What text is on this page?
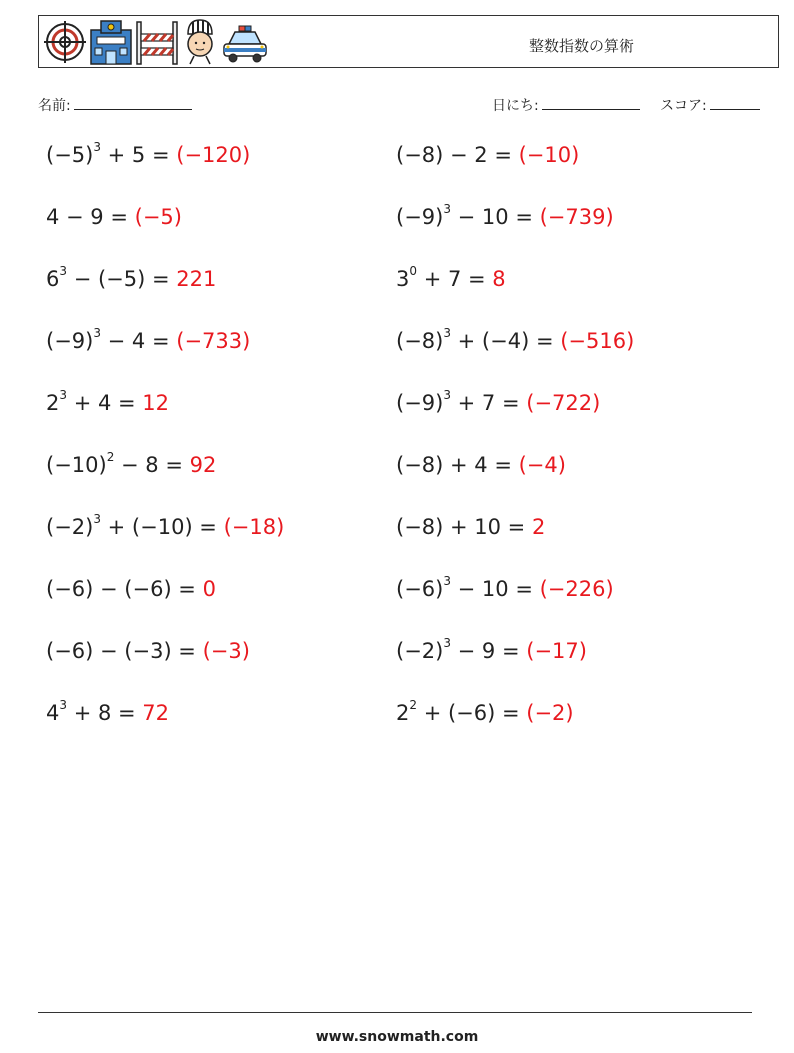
整数指数の算術
名前:	日にち:	スコア:
$(-5)^3 + 5 = (-120)$
4 − 9 = (−5)
$6^3 - (-5) = 221$
$(-9)^3 - 4 = (-733)$
$2^3 + 4 = 12$
$(-10)^2 - 8 = 92$
$(-2)^3 + (-10) = (-18)$
(−6) − (−6) = 0
(−6) − (−3) = (−3)
$4^3 + 8 = 72$
(−8) − 2 = (−10)
$(-9)^3 - 10 = (-739)$
$3^0 + 7 = 8$
$(-8)^3 + (-4) = (-516)$
$(-9)^3 + 7 = (-722)$
(−8) + 4 = (−4)
(−8) + 10 = 2
$(-6)^3 - 10 = (-226)$
$(-2)^3 - 9 = (-17)$
$2^2 + (-6) = (-2)$
www.snowmath.com
